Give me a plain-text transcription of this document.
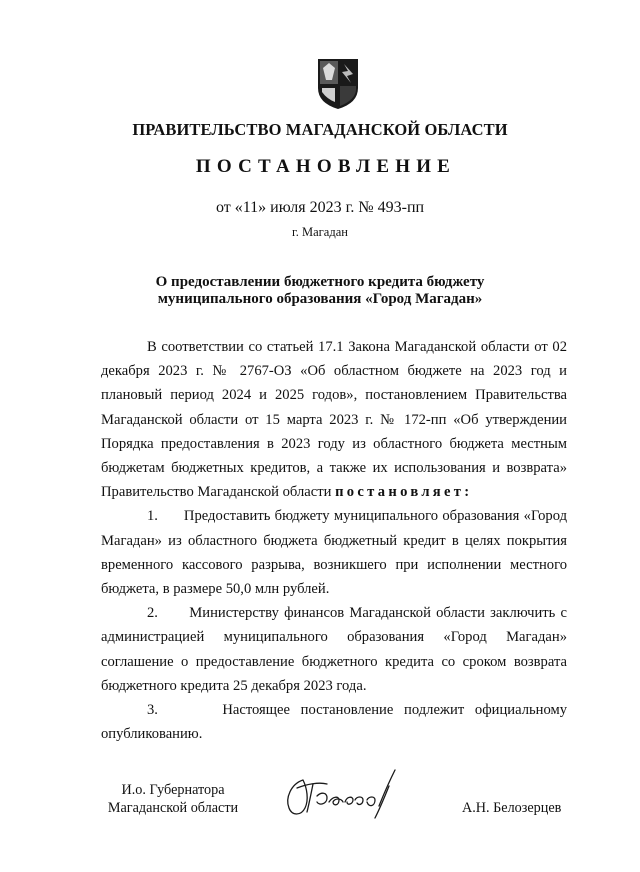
ПРАВИТЕЛЬСТВО МАГАДАНСКОЙ ОБЛАСТИ
ПОСТАНОВЛЕНИЕ
от «11» июля 2023 г. № 493-пп
г. Магадан
О предоставлении бюджетного кредита бюджету
муниципального образования «Город Магадан»

В соответствии со статьей 17.1 Закона Магаданской области от 02 декабря 2023 г. № 2767-ОЗ «Об областном бюджете на 2023 год и плановый период 2024 и 2025 годов», постановлением Правительства Магаданской области от 15 марта 2023 г. № 172-пп «Об утверждении Порядка предоставления в 2023 году из областного бюджета местным бюджетам бюджетных кредитов, а также их использования и возврата» Правительство Магаданской области постановляет:

1. Предоставить бюджету муниципального образования «Город Магадан» из областного бюджета бюджетный кредит в целях покрытия временного кассового разрыва, возникшего при исполнении местного бюджета, в размере 50,0 млн рублей.

2. Министерству финансов Магаданской области заключить с администрацией муниципального образования «Город Магадан» соглашение о предоставление бюджетного кредита со сроком возврата бюджетного кредита 25 декабря 2023 года.

3.	Настоящее постановление подлежит официальному опубликованию.

И.о. Губернатора
Магаданской области	А.Н. Белозерцев
